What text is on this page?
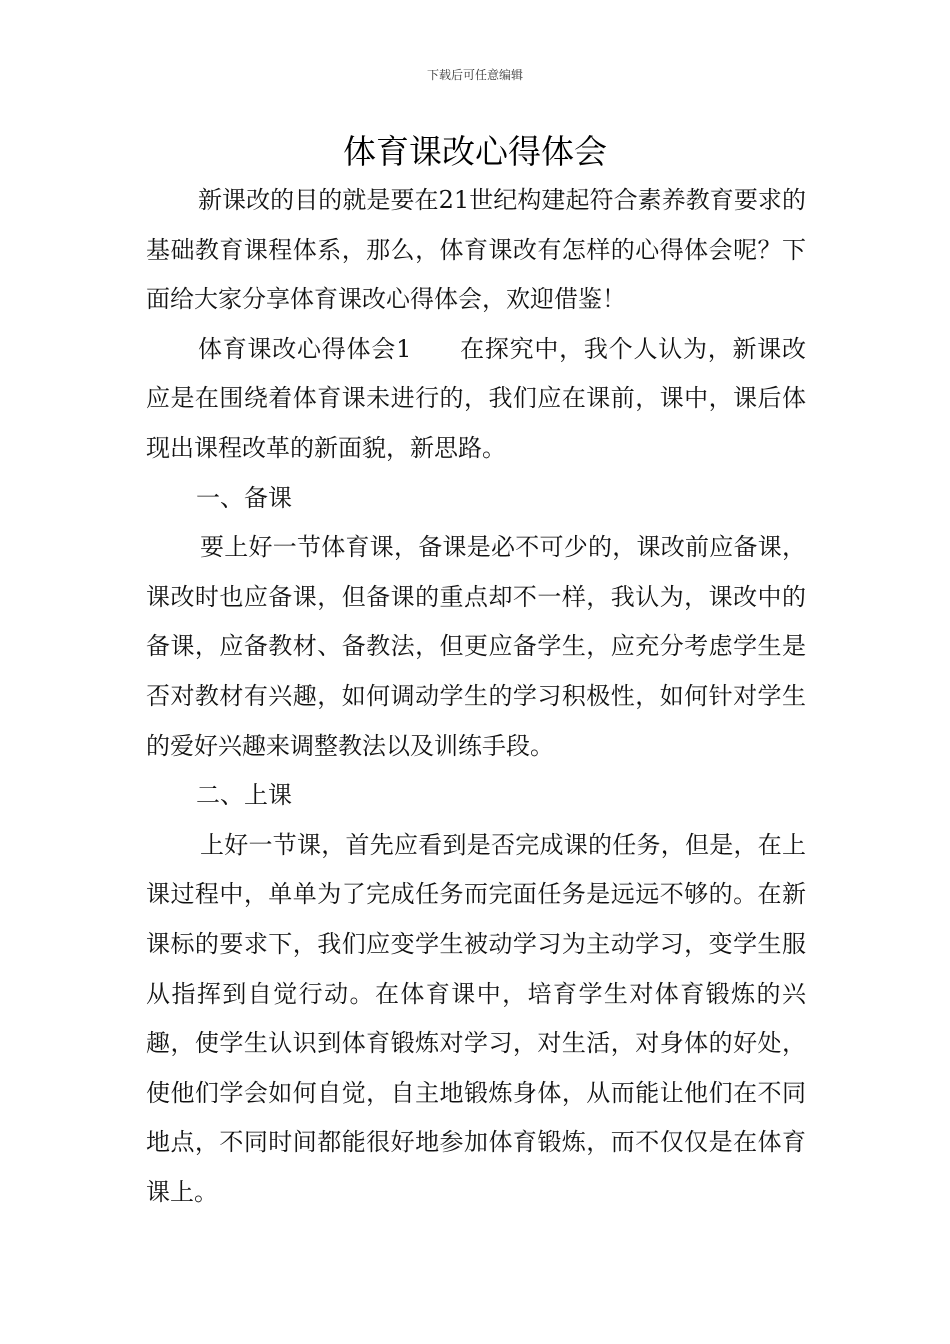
下载后可任意编辑
体育课改心得体会

新课改的目的就是要在21世纪构建起符合素养教育要求的基础教育课程体系，那么，体育课改有怎样的心得体会呢？下面给大家分享体育课改心得体会，欢迎借鉴！

体育课改心得体会1 在探究中，我个人认为，新课改应是在围绕着体育课未进行的，我们应在课前，课中，课后体现出课程改革的新面貌，新思路。

一、备课

要上好一节体育课，备课是必不可少的，课改前应备课，课改时也应备课，但备课的重点却不一样，我认为，课改中的备课，应备教材、备教法，但更应备学生，应充分考虑学生是否对教材有兴趣，如何调动学生的学习积极性，如何针对学生的爱好兴趣来调整教法以及训练手段。

二、上课

上好一节课，首先应看到是否完成课的任务，但是，在上课过程中，单单为了完成任务而完面任务是远远不够的。在新课标的要求下，我们应变学生被动学习为主动学习，变学生服从指挥到自觉行动。在体育课中，培育学生对体育锻炼的兴趣，使学生认识到体育锻炼对学习，对生活，对身体的好处，使他们学会如何自觉，自主地锻炼身体，从而能让他们在不同地点，不同时间都能很好地参加体育锻炼，而不仅仅是在体育课上。
